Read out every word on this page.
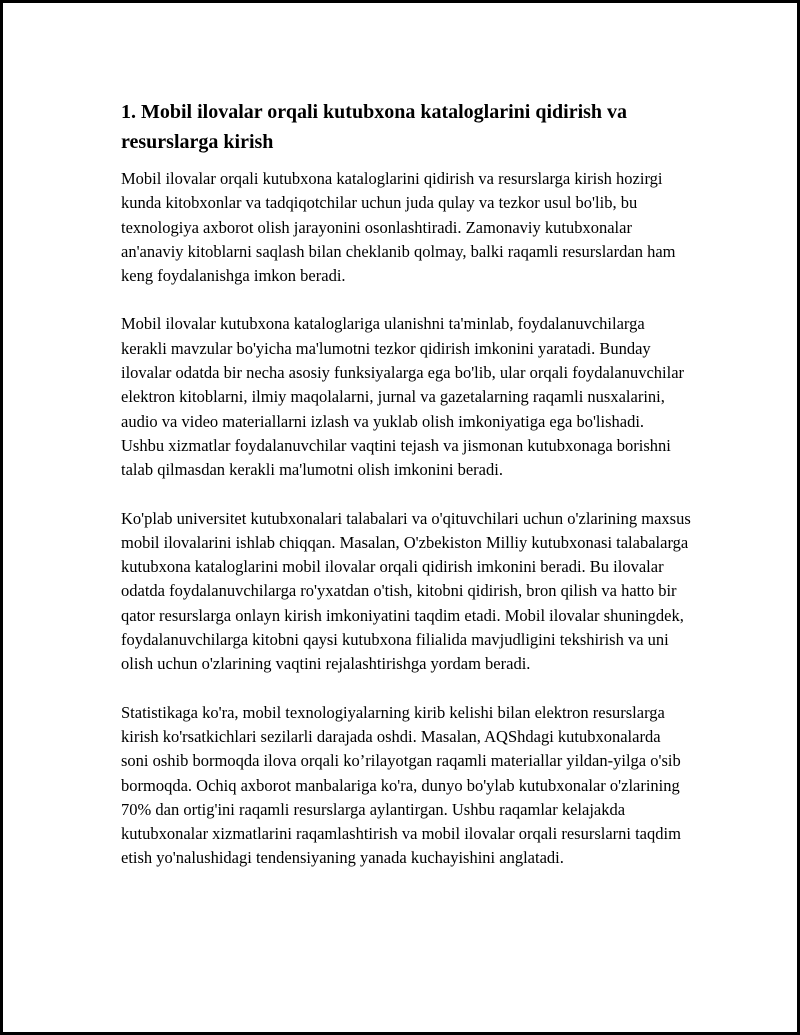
1. Mobil ilovalar orqali kutubxona kataloglarini qidirish va resurslarga kirish

Mobil ilovalar orqali kutubxona kataloglarini qidirish va resurslarga kirish hozirgi kunda kitobxonlar va tadqiqotchilar uchun juda qulay va tezkor usul bo'lib, bu texnologiya axborot olish jarayonini osonlashtiradi. Zamonaviy kutubxonalar an'anaviy kitoblarni saqlash bilan cheklanib qolmay, balki raqamli resurslardan ham keng foydalanishga imkon beradi.

Mobil ilovalar kutubxona kataloglariga ulanishni ta'minlab, foydalanuvchilarga kerakli mavzular bo'yicha ma'lumotni tezkor qidirish imkonini yaratadi. Bunday ilovalar odatda bir necha asosiy funksiyalarga ega bo'lib, ular orqali foydalanuvchilar elektron kitoblarni, ilmiy maqolalarni, jurnal va gazetalarning raqamli nusxalarini, audio va video materiallarni izlash va yuklab olish imkoniyatiga ega bo'lishadi. Ushbu xizmatlar foydalanuvchilar vaqtini tejash va jismonan kutubxonaga borishni talab qilmasdan kerakli ma'lumotni olish imkonini beradi.

Ko'plab universitet kutubxonalari talabalari va o'qituvchilari uchun o'zlarining maxsus mobil ilovalarini ishlab chiqqan. Masalan, O'zbekiston Milliy kutubxonasi talabalarga kutubxona kataloglarini mobil ilovalar orqali qidirish imkonini beradi. Bu ilovalar odatda foydalanuvchilarga ro'yxatdan o'tish, kitobni qidirish, bron qilish va hatto bir qator resurslarga onlayn kirish imkoniyatini taqdim etadi. Mobil ilovalar shuningdek, foydalanuvchilarga kitobni qaysi kutubxona filialida mavjudligini tekshirish va uni olish uchun o'zlarining vaqtini rejalashtirishga yordam beradi.

Statistikaga ko'ra, mobil texnologiyalarning kirib kelishi bilan elektron resurslarga kirish ko'rsatkichlari sezilarli darajada oshdi. Masalan, AQShdagi kutubxonalarda soni oshib bormoqda ilova orqali ko’rilayotgan raqamli materiallar yildan-yilga o'sib bormoqda. Ochiq axborot manbalariga ko'ra, dunyo bo'ylab kutubxonalar o'zlarining 70% dan ortig'ini raqamli resurslarga aylantirgan. Ushbu raqamlar kelajakda kutubxonalar xizmatlarini raqamlashtirish va mobil ilovalar orqali resurslarni taqdim etish yo'nalushidagi tendensiyaning yanada kuchayishini anglatadi.
